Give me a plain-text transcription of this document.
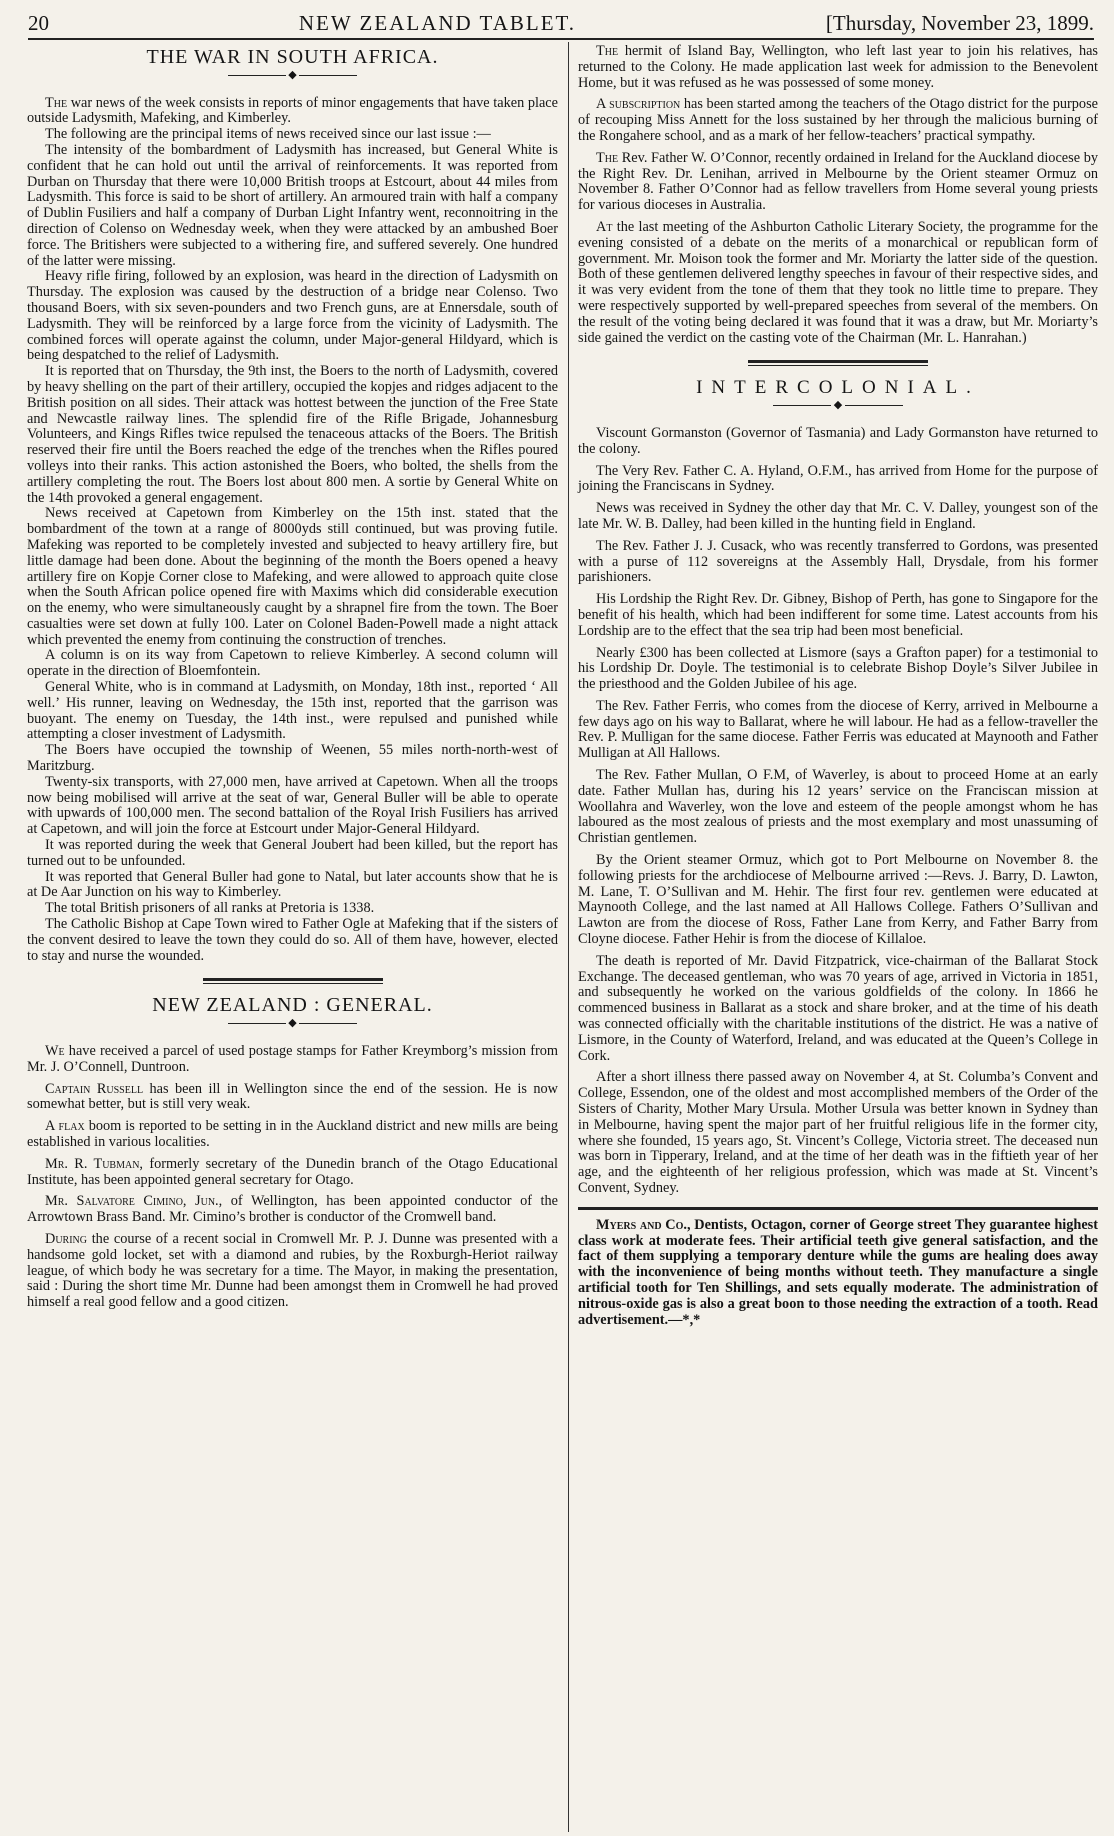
20	NEW ZEALAND TABLET.	[Thursday, November 23, 1899.
THE WAR IN SOUTH AFRICA.
◆

The war news of the week consists in reports of minor engagements that have taken place outside Ladysmith, Mafeking, and Kimberley.

The following are the principal items of news received since our last issue :—

The intensity of the bombardment of Ladysmith has increased, but General White is confident that he can hold out until the arrival of reinforcements. It was reported from Durban on Thursday that there were 10,000 British troops at Estcourt, about 44 miles from Ladysmith. This force is said to be short of artillery. An armoured train with half a company of Dublin Fusiliers and half a company of Durban Light Infantry went, reconnoitring in the direction of Colenso on Wednesday week, when they were attacked by an ambushed Boer force. The Britishers were subjected to a withering fire, and suffered severely. One hundred of the latter were missing.

Heavy rifle firing, followed by an explosion, was heard in the direction of Ladysmith on Thursday. The explosion was caused by the destruction of a bridge near Colenso. Two thousand Boers, with six seven-pounders and two French guns, are at Ennersdale, south of Ladysmith. They will be reinforced by a large force from the vicinity of Ladysmith. The combined forces will operate against the column, under Major-general Hildyard, which is being despatched to the relief of Ladysmith.

It is reported that on Thursday, the 9th inst, the Boers to the north of Ladysmith, covered by heavy shelling on the part of their artillery, occupied the kopjes and ridges adjacent to the British position on all sides. Their attack was hottest between the junction of the Free State and Newcastle railway lines. The splendid fire of the Rifle Brigade, Johannesburg Volunteers, and Kings Rifles twice repulsed the tenaceous attacks of the Boers. The British reserved their fire until the Boers reached the edge of the trenches when the Rifles poured volleys into their ranks. This action astonished the Boers, who bolted, the shells from the artillery completing the rout. The Boers lost about 800 men. A sortie by General White on the 14th provoked a general engagement.

News received at Capetown from Kimberley on the 15th inst. stated that the bombardment of the town at a range of 8000yds still continued, but was proving futile. Mafeking was reported to be completely invested and subjected to heavy artillery fire, but little damage had been done. About the beginning of the month the Boers opened a heavy artillery fire on Kopje Corner close to Mafeking, and were allowed to approach quite close when the South African police opened fire with Maxims which did considerable execution on the enemy, who were simultaneously caught by a shrapnel fire from the town. The Boer casualties were set down at fully 100. Later on Colonel Baden-Powell made a night attack which prevented the enemy from continuing the construction of trenches.

A column is on its way from Capetown to relieve Kimberley. A second column will operate in the direction of Bloemfontein.

General White, who is in command at Ladysmith, on Monday, 18th inst., reported ‘ All well.’ His runner, leaving on Wednesday, the 15th inst, reported that the garrison was buoyant. The enemy on Tuesday, the 14th inst., were repulsed and punished while attempting a closer investment of Ladysmith.

The Boers have occupied the township of Weenen, 55 miles north-north-west of Maritzburg.

Twenty-six transports, with 27,000 men, have arrived at Capetown. When all the troops now being mobilised will arrive at the seat of war, General Buller will be able to operate with upwards of 100,000 men. The second battalion of the Royal Irish Fusiliers has arrived at Capetown, and will join the force at Estcourt under Major-General Hildyard.

It was reported during the week that General Joubert had been killed, but the report has turned out to be unfounded.

It was reported that General Buller had gone to Natal, but later accounts show that he is at De Aar Junction on his way to Kimberley.

The total British prisoners of all ranks at Pretoria is 1338.

The Catholic Bishop at Cape Town wired to Father Ogle at Mafeking that if the sisters of the convent desired to leave the town they could do so. All of them have, however, elected to stay and nurse the wounded.

NEW ZEALAND : GENERAL.
◆

We have received a parcel of used postage stamps for Father Kreymborg’s mission from Mr. J. O’Connell, Duntroon.

Captain Russell has been ill in Wellington since the end of the session. He is now somewhat better, but is still very weak.

A flax boom is reported to be setting in in the Auckland district and new mills are being established in various localities.

Mr. R. Tubman, formerly secretary of the Dunedin branch of the Otago Educational Institute, has been appointed general secretary for Otago.

Mr. Salvatore Cimino, Jun., of Wellington, has been appointed conductor of the Arrowtown Brass Band. Mr. Cimino’s brother is conductor of the Cromwell band.

During the course of a recent social in Cromwell Mr. P. J. Dunne was presented with a handsome gold locket, set with a diamond and rubies, by the Roxburgh-Heriot railway league, of which body he was secretary for a time. The Mayor, in making the presentation, said : During the short time Mr. Dunne had been amongst them in Cromwell he had proved himself a real good fellow and a good citizen.

The hermit of Island Bay, Wellington, who left last year to join his relatives, has returned to the Colony. He made application last week for admission to the Benevolent Home, but it was refused as he was possessed of some money.

A subscription has been started among the teachers of the Otago district for the purpose of recouping Miss Annett for the loss sustained by her through the malicious burning of the Rongahere school, and as a mark of her fellow-teachers’ practical sympathy.

The Rev. Father W. O’Connor, recently ordained in Ireland for the Auckland diocese by the Right Rev. Dr. Lenihan, arrived in Melbourne by the Orient steamer Ormuz on November 8. Father O’Connor had as fellow travellers from Home several young priests for various dioceses in Australia.

At the last meeting of the Ashburton Catholic Literary Society, the programme for the evening consisted of a debate on the merits of a monarchical or republican form of government. Mr. Moison took the former and Mr. Moriarty the latter side of the question. Both of these gentlemen delivered lengthy speeches in favour of their respective sides, and it was very evident from the tone of them that they took no little time to prepare. They were respectively supported by well-prepared speeches from several of the members. On the result of the voting being declared it was found that it was a draw, but Mr. Moriarty’s side gained the verdict on the casting vote of the Chairman (Mr. L. Hanrahan.)

INTERCOLONIAL.
◆

Viscount Gormanston (Governor of Tasmania) and Lady Gormanston have returned to the colony.

The Very Rev. Father C. A. Hyland, O.F.M., has arrived from Home for the purpose of joining the Franciscans in Sydney.

News was received in Sydney the other day that Mr. C. V. Dalley, youngest son of the late Mr. W. B. Dalley, had been killed in the hunting field in England.

The Rev. Father J. J. Cusack, who was recently transferred to Gordons, was presented with a purse of 112 sovereigns at the Assembly Hall, Drysdale, from his former parishioners.

His Lordship the Right Rev. Dr. Gibney, Bishop of Perth, has gone to Singapore for the benefit of his health, which had been indifferent for some time. Latest accounts from his Lordship are to the effect that the sea trip had been most beneficial.

Nearly £300 has been collected at Lismore (says a Grafton paper) for a testimonial to his Lordship Dr. Doyle. The testimonial is to celebrate Bishop Doyle’s Silver Jubilee in the priesthood and the Golden Jubilee of his age.

The Rev. Father Ferris, who comes from the diocese of Kerry, arrived in Melbourne a few days ago on his way to Ballarat, where he will labour. He had as a fellow-traveller the Rev. P. Mulligan for the same diocese. Father Ferris was educated at Maynooth and Father Mulligan at All Hallows.

The Rev. Father Mullan, O F.M, of Waverley, is about to proceed Home at an early date. Father Mullan has, during his 12 years’ service on the Franciscan mission at Woollahra and Waverley, won the love and esteem of the people amongst whom he has laboured as the most zealous of priests and the most exemplary and most unassuming of Christian gentlemen.

By the Orient steamer Ormuz, which got to Port Melbourne on November 8. the following priests for the archdiocese of Melbourne arrived :—Revs. J. Barry, D. Lawton, M. Lane, T. O’Sullivan and M. Hehir. The first four rev. gentlemen were educated at Maynooth College, and the last named at All Hallows College. Fathers O’Sullivan and Lawton are from the diocese of Ross, Father Lane from Kerry, and Father Barry from Cloyne diocese. Father Hehir is from the diocese of Killaloe.

The death is reported of Mr. David Fitzpatrick, vice-chairman of the Ballarat Stock Exchange. The deceased gentleman, who was 70 years of age, arrived in Victoria in 1851, and subsequently he worked on the various goldfields of the colony. In 1866 he commenced business in Ballarat as a stock and share broker, and at the time of his death was connected officially with the charitable institutions of the district. He was a native of Lismore, in the County of Waterford, Ireland, and was educated at the Queen’s College in Cork.

After a short illness there passed away on November 4, at St. Columba’s Convent and College, Essendon, one of the oldest and most accomplished members of the Order of the Sisters of Charity, Mother Mary Ursula. Mother Ursula was better known in Sydney than in Melbourne, having spent the major part of her fruitful religious life in the former city, where she founded, 15 years ago, St. Vincent’s College, Victoria street. The deceased nun was born in Tipperary, Ireland, and at the time of her death was in the fiftieth year of her age, and the eighteenth of her religious profession, which was made at St. Vincent’s Convent, Sydney.

Myers and Co., Dentists, Octagon, corner of George street They guarantee highest class work at moderate fees. Their artificial teeth give general satisfaction, and the fact of them supplying a temporary denture while the gums are healing does away with the inconvenience of being months without teeth. They manufacture a single artificial tooth for Ten Shillings, and sets equally moderate. The administration of nitrous-oxide gas is also a great boon to those needing the extraction of a tooth. Read advertisement.—*,*
